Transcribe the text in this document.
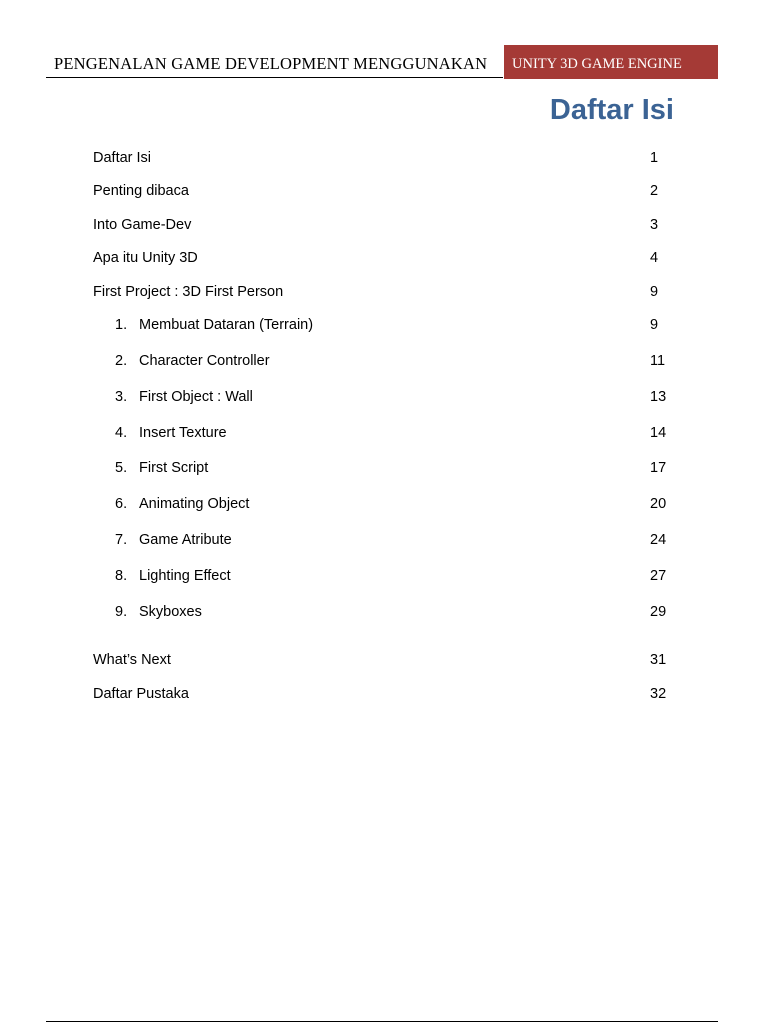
PENGENALAN GAME DEVELOPMENT MENGGUNAKAN	UNITY 3D GAME ENGINE
Daftar Isi
Daftar Isi	1
Penting dibaca	2
Into Game-Dev	3
Apa itu Unity 3D	4
First Project : 3D First Person	9
1. Membuat Dataran (Terrain)	9
2. Character Controller	11
3. First Object : Wall	13
4. Insert Texture	14
5. First Script	17
6. Animating Object	20
7. Game Atribute	24
8. Lighting Effect	27
9. Skyboxes	29
What’s Next	31
Daftar Pustaka	32
